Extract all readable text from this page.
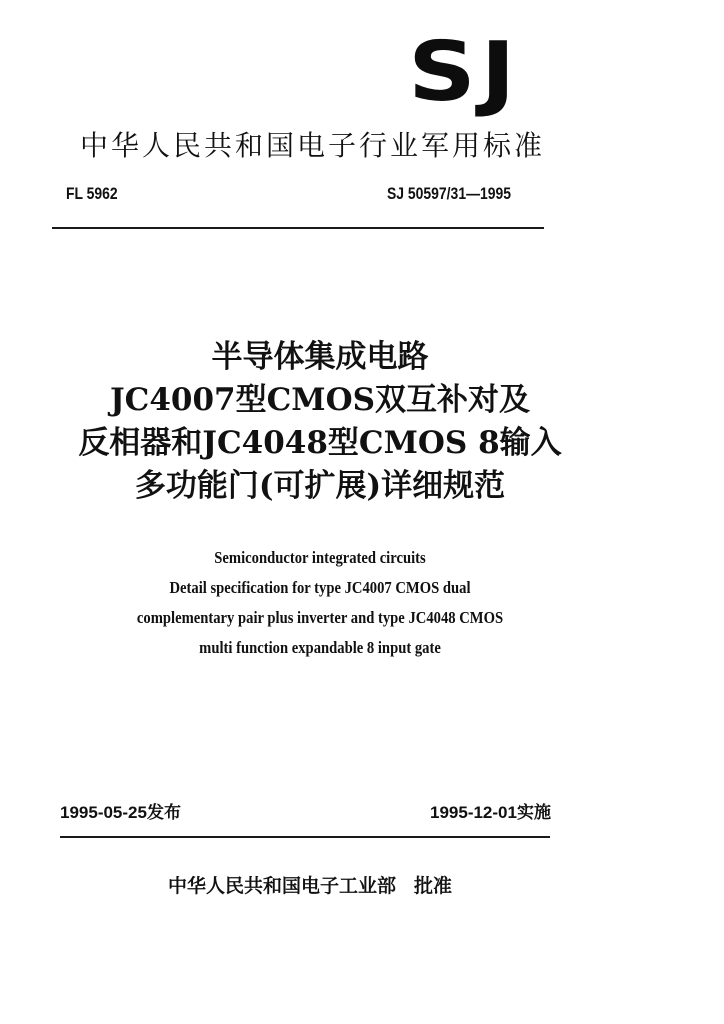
SJ
中华人民共和国电子行业军用标准
FL 5962	SJ 50597/31—1995
半导体集成电路
JC4007型CMOS双互补对及
反相器和JC4048型CMOS 8输入
多功能门(可扩展)详细规范
Semiconductor integrated circuits
Detail specification for type JC4007 CMOS dual
complementary pair plus inverter and type JC4048 CMOS
multi function expandable 8 input gate
1995-05-25发布	1995-12-01实施
中华人民共和国电子工业部 批准
